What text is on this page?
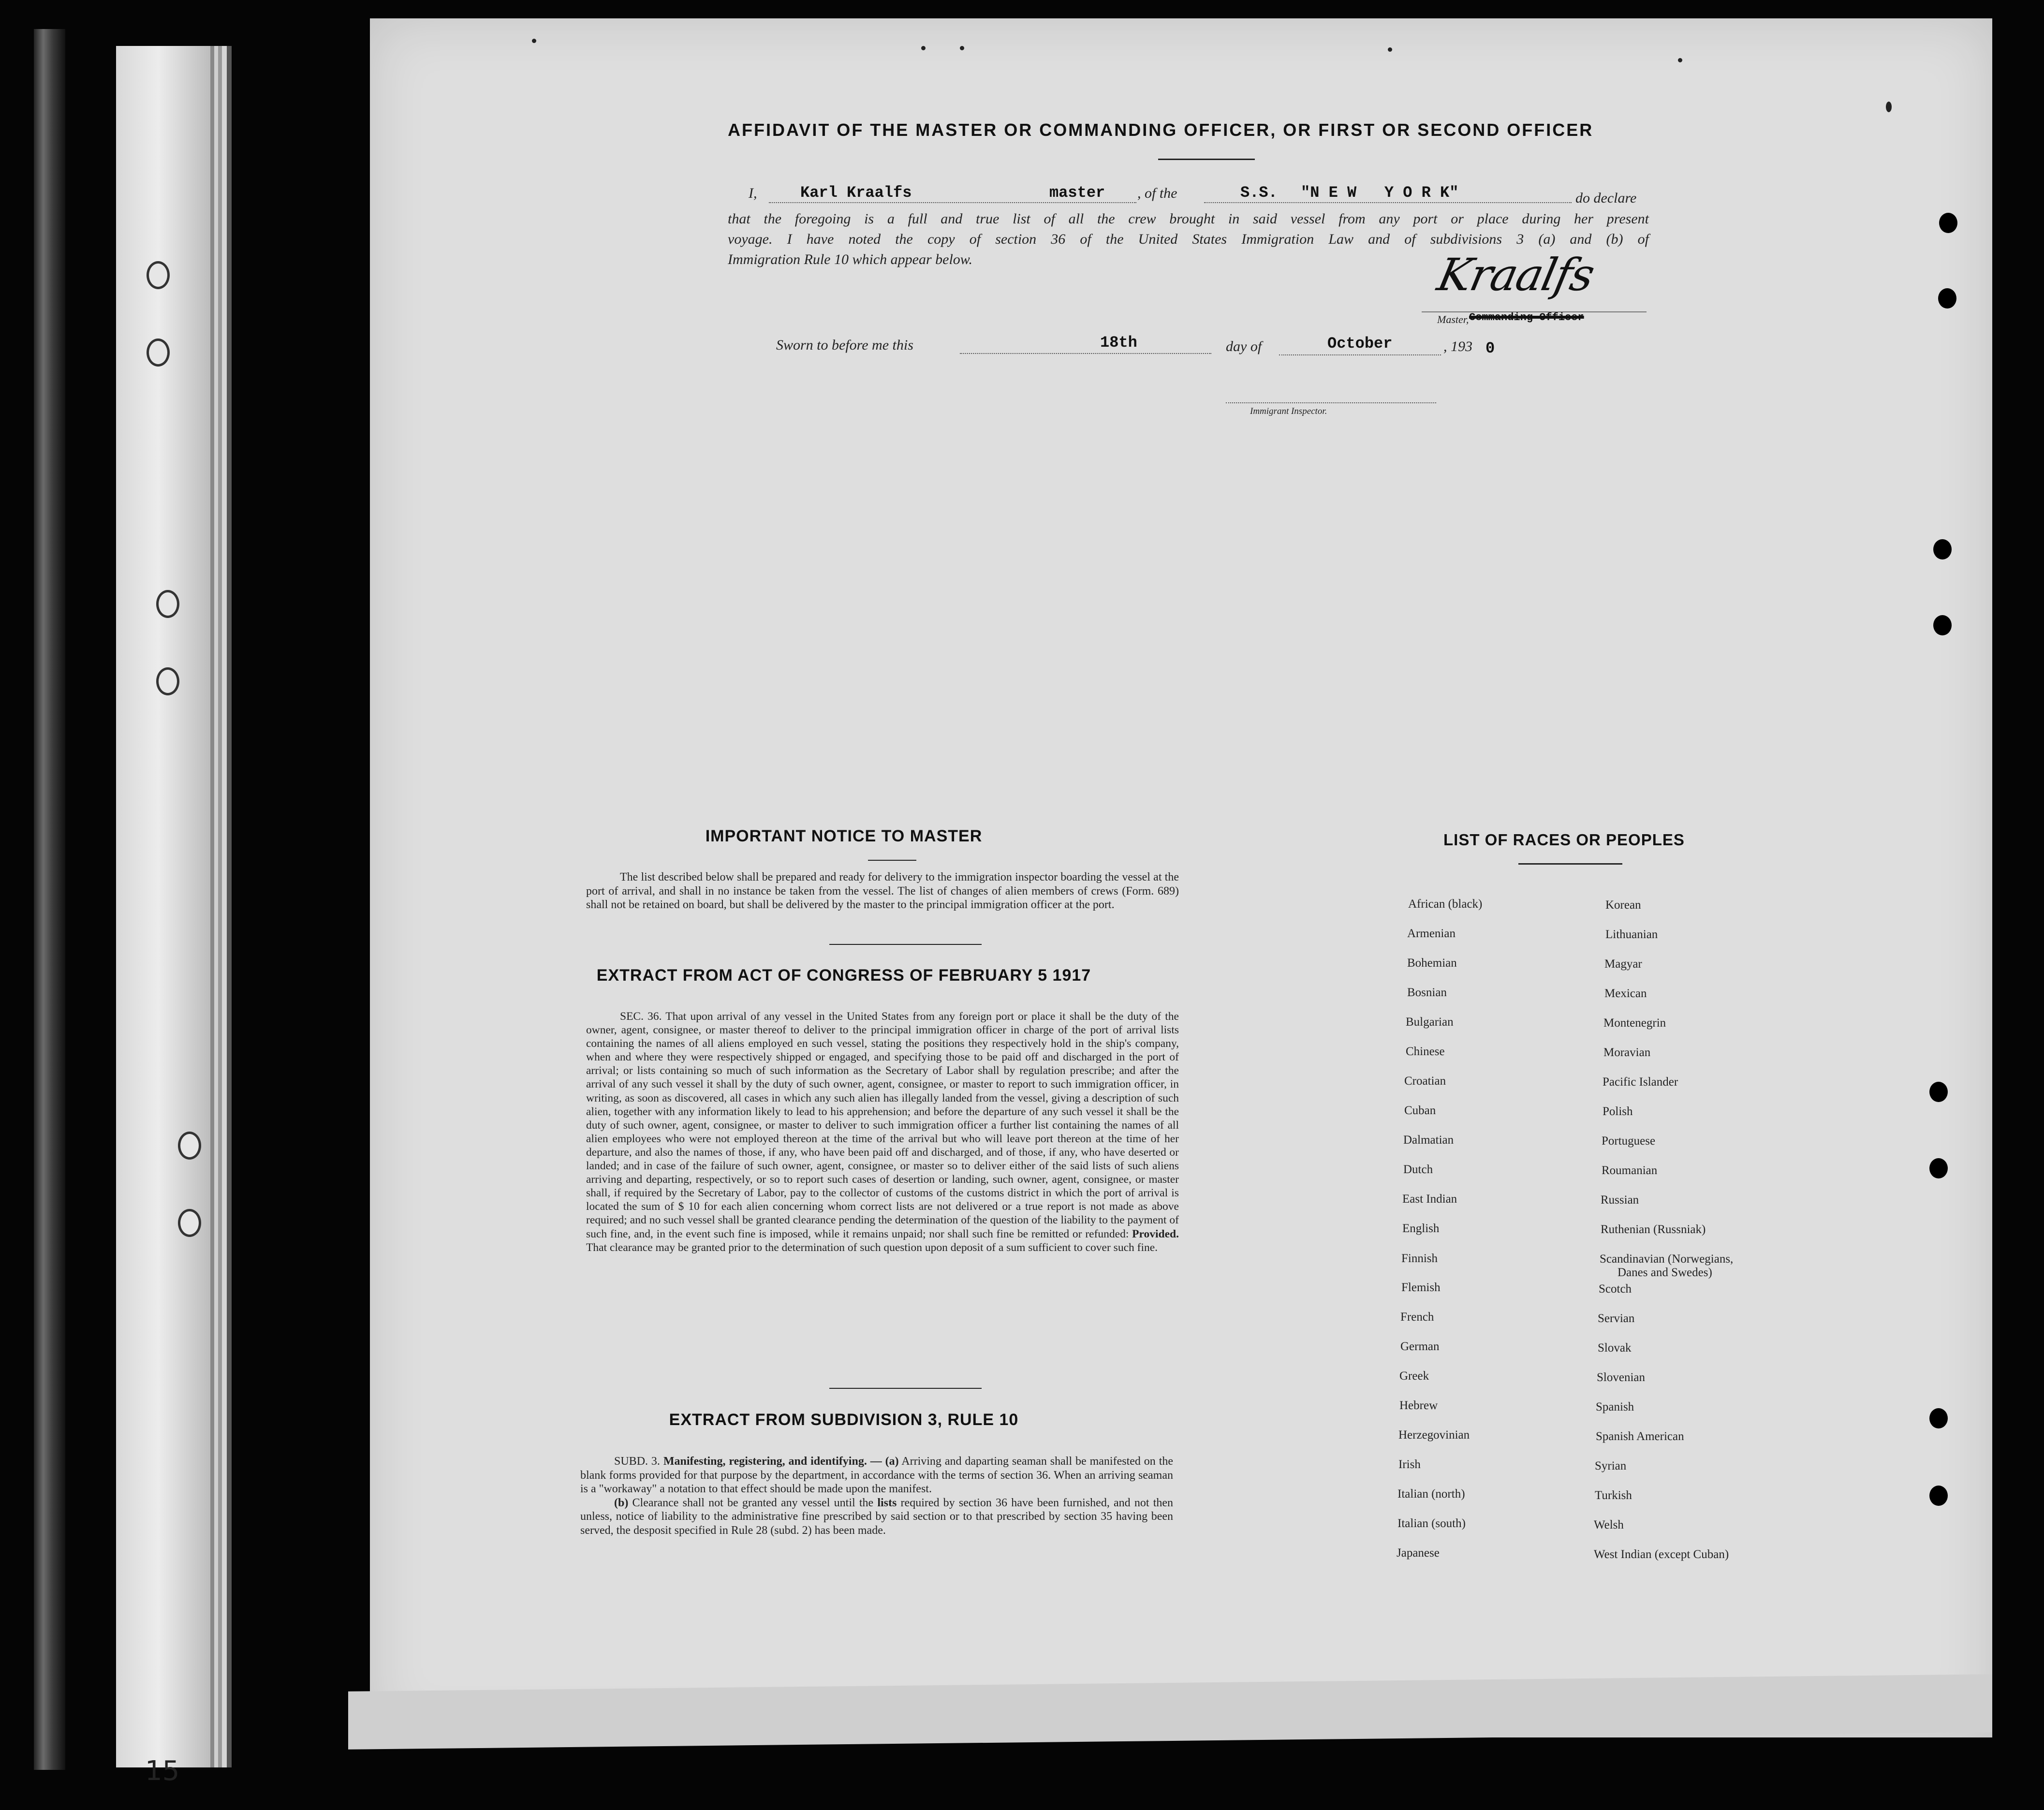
15
AFFIDAVIT OF THE MASTER OR COMMANDING OFFICER, OR FIRST OR SECOND OFFICER
I,	Karl Kraalfs	master , of the	S.S. "N E W   Y O R K"	do declare
that the foregoing is a full and true list of all the crew brought in said vessel from any port or place during her present
voyage. I have noted the copy of section 36 of the United States Immigration Law and of subdivisions 3 (a) and (b) of
Immigration Rule 10 which appear below.	Kraalfs
Master, Commanding Officer
Sworn to before me this	18th	day of	October	, 193 0
Immigrant Inspector.
IMPORTANT NOTICE TO MASTER

The list described below shall be prepared and ready for delivery to the immigration inspector boarding the vessel at the port of arrival, and shall in no instance be taken from the vessel. The list of changes of alien members of crews (Form. 689) shall not be retained on board, but shall be delivered by the master to the principal immigration officer at the port.

EXTRACT FROM ACT OF CONGRESS OF FEBRUARY 5 1917

SEC. 36. That upon arrival of any vessel in the United States from any foreign port or place it shall be the duty of the owner, agent, consignee, or master thereof to deliver to the principal immigration officer in charge of the port of arrival lists containing the names of all aliens employed en such vessel, stating the positions they respectively hold in the ship's company, when and where they were respectively shipped or engaged, and specifying those to be paid off and discharged in the port of arrival; or lists containing so much of such information as the Secretary of Labor shall by regulation prescribe; and after the arrival of any such vessel it shall by the duty of such owner, agent, consignee, or master to report to such immigration officer, in writing, as soon as discovered, all cases in which any such alien has illegally landed from the vessel, giving a description of such alien, together with any information likely to lead to his apprehension; and before the departure of any such vessel it shall be the duty of such owner, agent, consignee, or master to deliver to such immigration officer a further list containing the names of all alien employees who were not employed thereon at the time of the arrival but who will leave port thereon at the time of her departure, and also the names of those, if any, who have been paid off and discharged, and of those, if any, who have deserted or landed; and in case of the failure of such owner, agent, consignee, or master so to deliver either of the said lists of such aliens arriving and departing, respectively, or so to report such cases of desertion or landing, such owner, agent, consignee, or master shall, if required by the Secretary of Labor, pay to the collector of customs of the customs district in which the port of arrival is located the sum of $ 10 for each alien concerning whom correct lists are not delivered or a true report is not made as above required; and no such vessel shall be granted clearance pending the determination of the question of the liability to the payment of such fine, and, in the event such fine is imposed, while it remains unpaid; nor shall such fine be remitted or refunded: Provided. That clearance may be granted prior to the determination of such question upon deposit of a sum sufficient to cover such fine.

EXTRACT FROM SUBDIVISION 3, RULE 10

SUBD. 3. Manifesting, registering, and identifying. — (a) Arriving and daparting seaman shall be manifested on the blank forms provided for that purpose by the department, in accordance with the terms of section 36. When an arriving seaman is a "workaway" a notation to that effect should be made upon the manifest.

(b) Clearance shall not be granted any vessel until the lists required by section 36 have been furnished, and not then unless, notice of liability to the administrative fine prescribed by said section or to that prescribed by section 35 having been served, the desposit specified in Rule 28 (subd. 2) has been made.

LIST OF RACES OR PEOPLES
African (black)
Armenian
Bohemian
Bosnian
Bulgarian
Chinese
Croatian
Cuban
Dalmatian
Dutch
East Indian
English
Finnish
Flemish
French
German
Greek
Hebrew
Herzegovinian
Irish
Italian (north)
Italian (south)
Japanese
Korean
Lithuanian
Magyar
Mexican
Montenegrin
Moravian
Pacific Islander
Polish
Portuguese
Roumanian
Russian
Ruthenian (Russniak)
Scandinavian (Norwegians,
Danes and Swedes)
Scotch
Servian
Slovak
Slovenian
Spanish
Spanish American
Syrian
Turkish
Welsh
West Indian (except Cuban)
